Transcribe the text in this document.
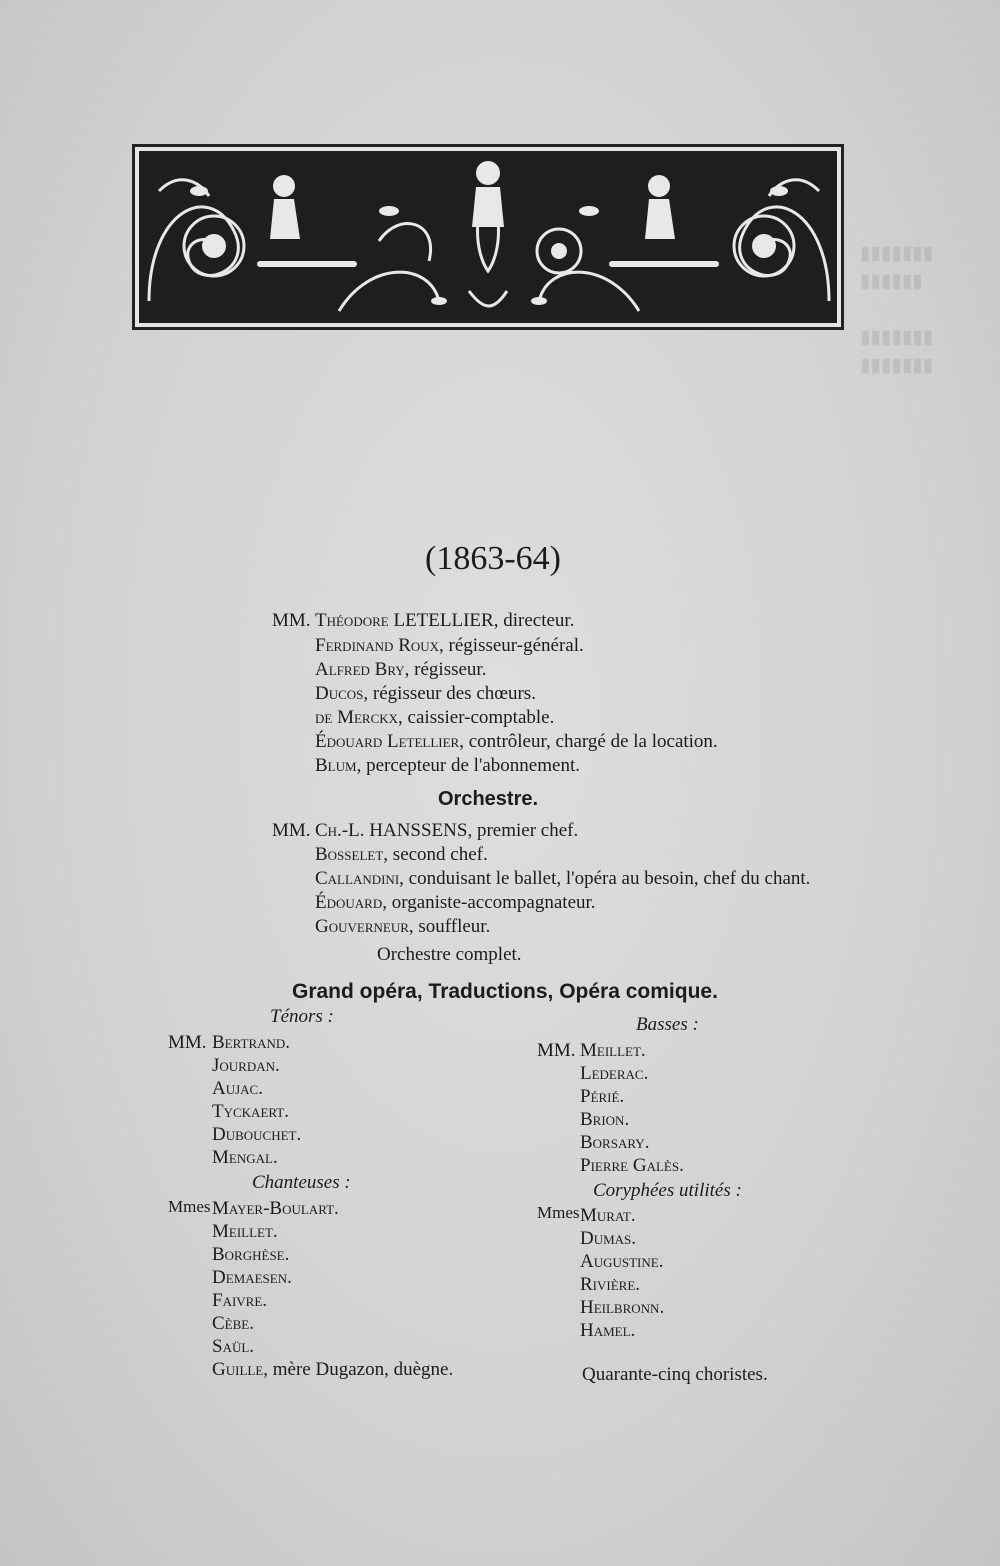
▮▮▮▮▮▮▮
▮▮▮▮▮▮

▮▮▮▮▮▮▮
▮▮▮▮▮▮▮
(1863-64)
MM. Théodore LETELLIER, directeur.
Ferdinand Roux, régisseur-général.
Alfred Bry, régisseur.
Ducos, régisseur des chœurs.
de Merckx, caissier-comptable.
Édouard Letellier, contrôleur, chargé de la location.
Blum, percepteur de l'abonnement.
Orchestre.
MM. Ch.-L. HANSSENS, premier chef.
Bosselet, second chef.
Callandini, conduisant le ballet, l'opéra au besoin, chef du chant.
Édouard, organiste-accompagnateur.
Gouverneur, souffleur.
Orchestre complet.
Grand opéra, Traductions, Opéra comique.
Ténors :
MM. Bertrand.
Jourdan.
Aujac.
Tyckaert.
Dubouchet.
Mengal.
Chanteuses :
Mmes Mayer-Boulart.
Meillet.
Borghèse.
Demaesen.
Faivre.
Cèbe.
Saül.
Guille, mère Dugazon, duègne.
Basses :
MM. Meillet.
Lederac.
Périé.
Brion.
Borsary.
Pierre Galès.
Coryphées utilités :
Mmes Murat.
Dumas.
Augustine.
Rivière.
Heilbronn.
Hamel.
Quarante-cinq choristes.
